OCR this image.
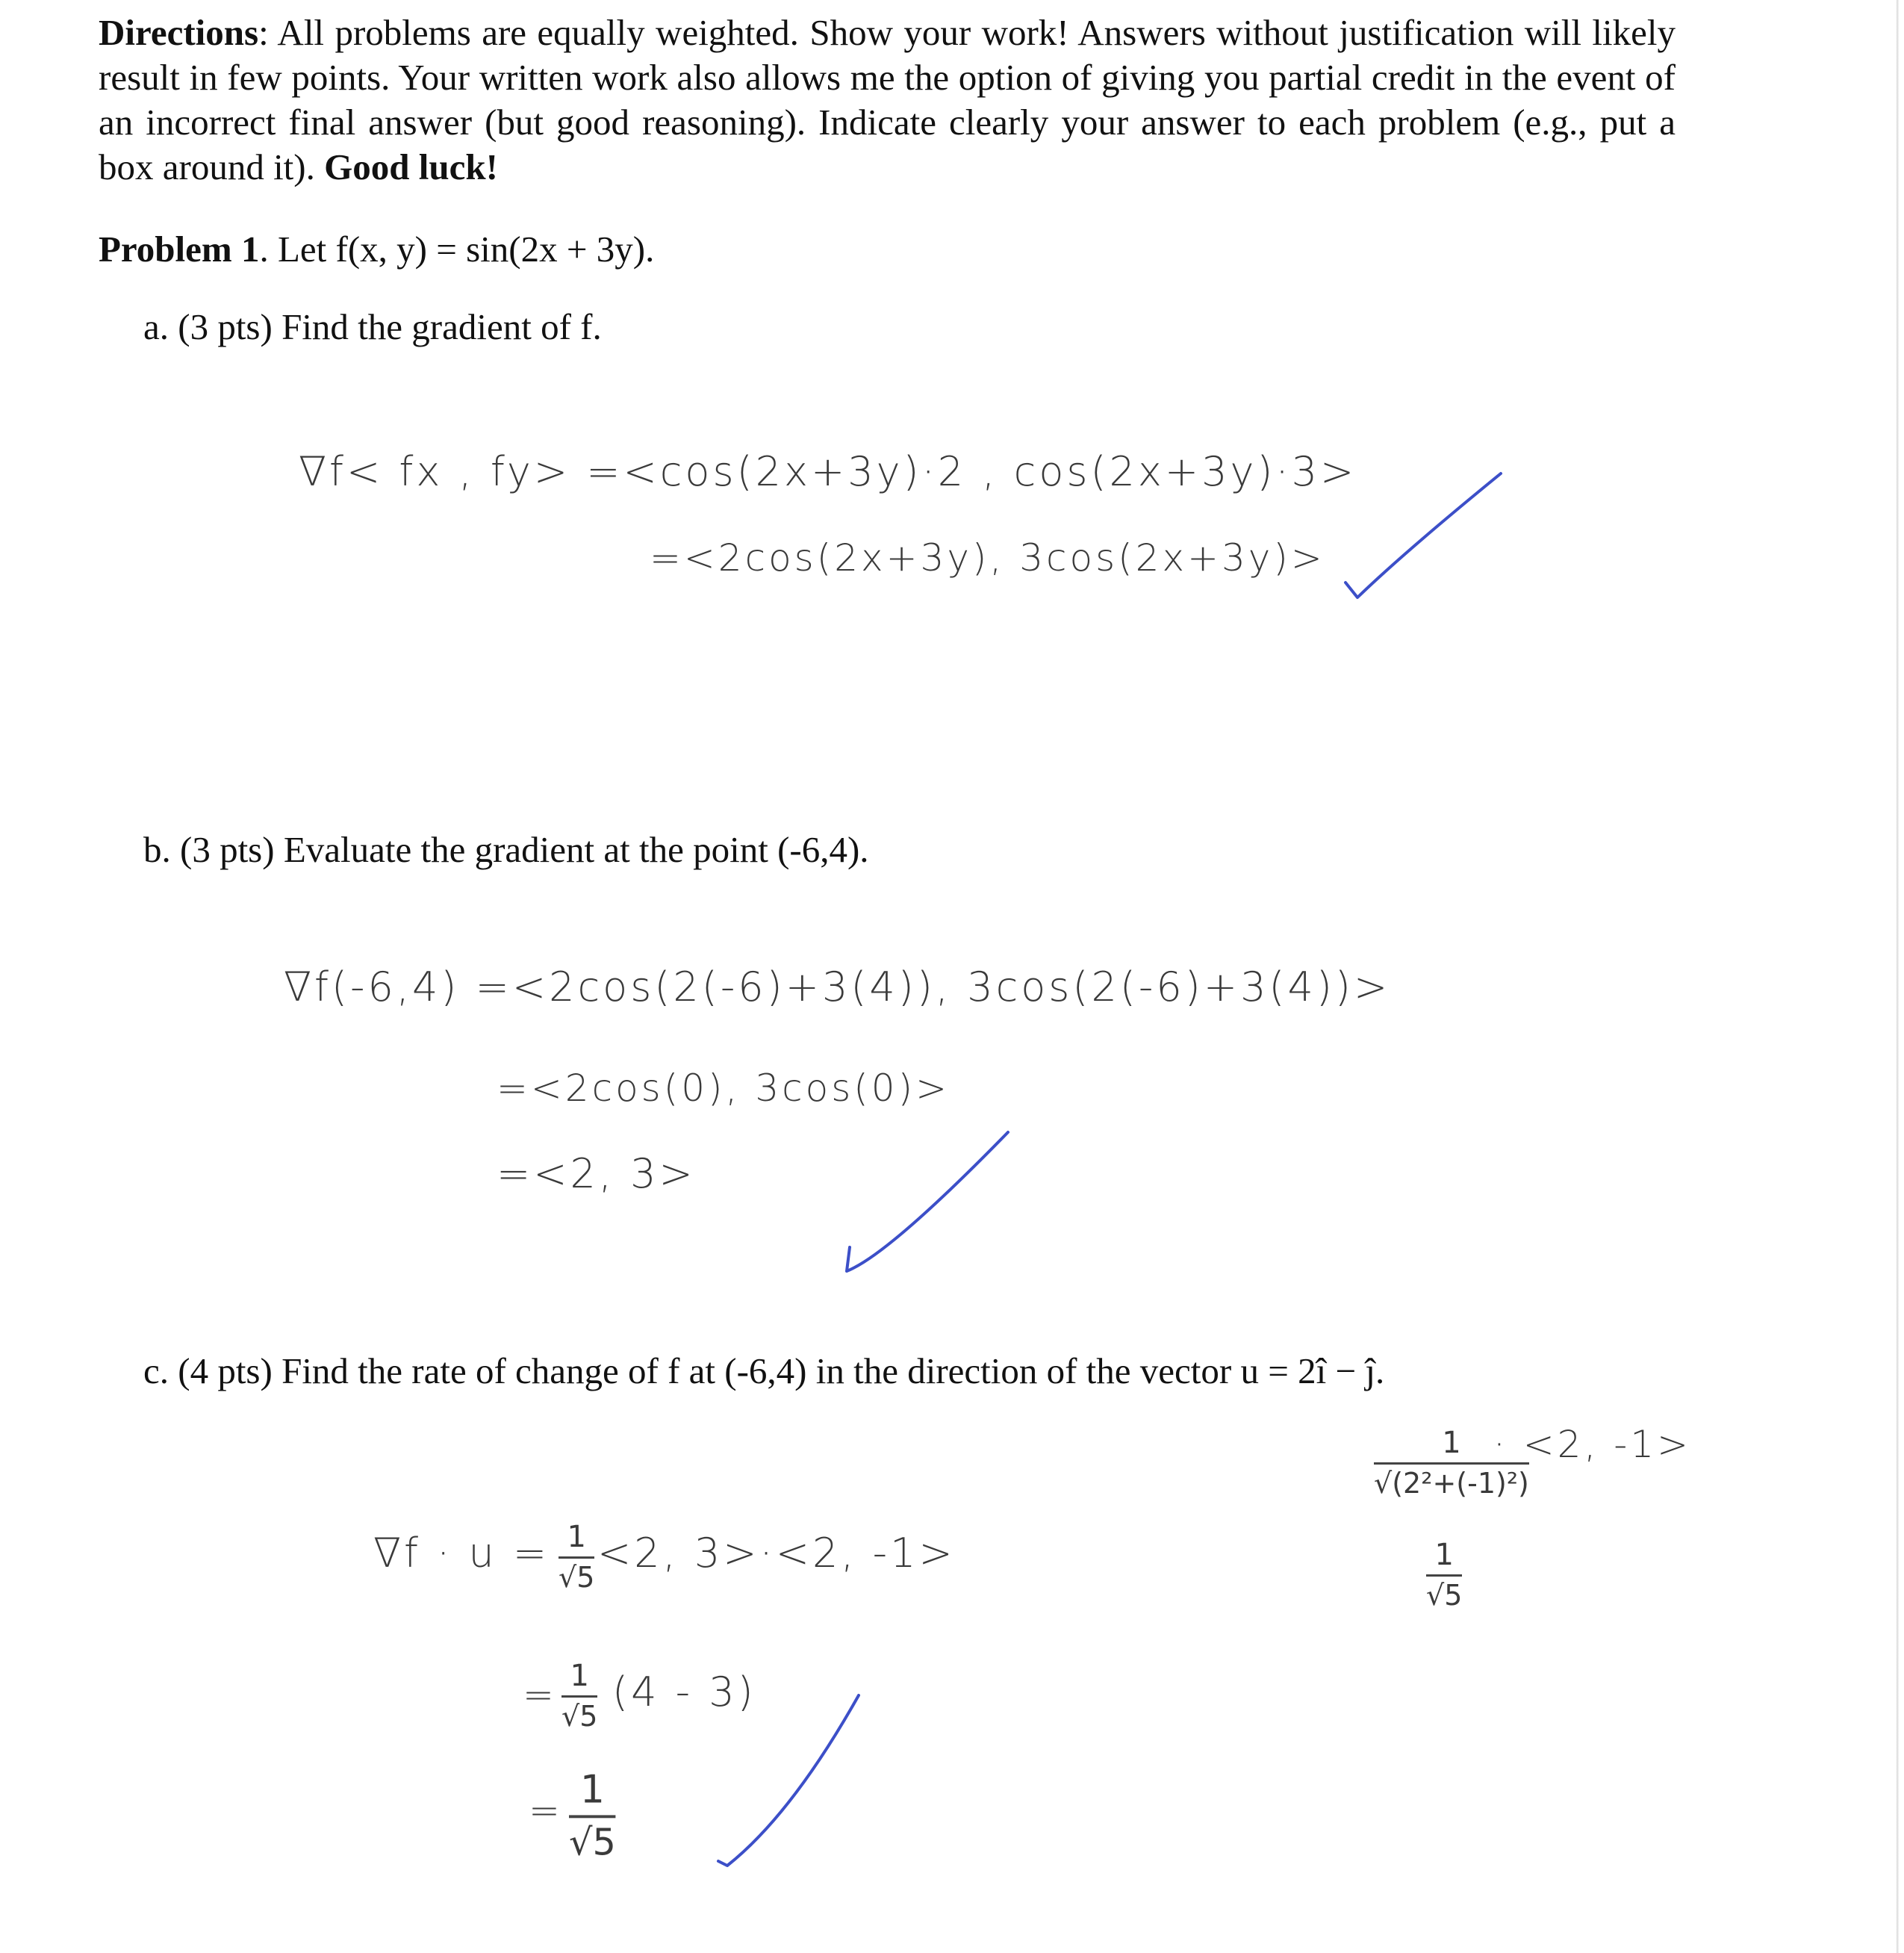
Directions: All problems are equally weighted. Show your work! Answers without justification will likely result in few points. Your written work also allows me the option of giving you partial credit in the event of an incorrect final answer (but good reasoning). Indicate clearly your answer to each problem (e.g., put a box around it). Good luck!
Problem 1. Let f(x, y) = sin(2x + 3y).
a. (3 pts) Find the gradient of f.
∇f< fx , fy> =<cos(2x+3y)·2 , cos(2x+3y)·3>
=<2cos(2x+3y), 3cos(2x+3y)>
b. (3 pts) Evaluate the gradient at the point (-6,4).
∇f(-6,4) =<2cos(2(-6)+3(4)), 3cos(2(-6)+3(4))>
=<2cos(0), 3cos(0)>
=<2, 3>
c. (4 pts) Find the rate of change of f at (-6,4) in the direction of the vector u = 2î − ĵ.
1
√(2²+(-1)²)
· <2, -1>
1
√5
∇f · u = 1
√5
<2, 3>·<2, -1>
= 1
√5
(4 - 3)
= 1
√5
